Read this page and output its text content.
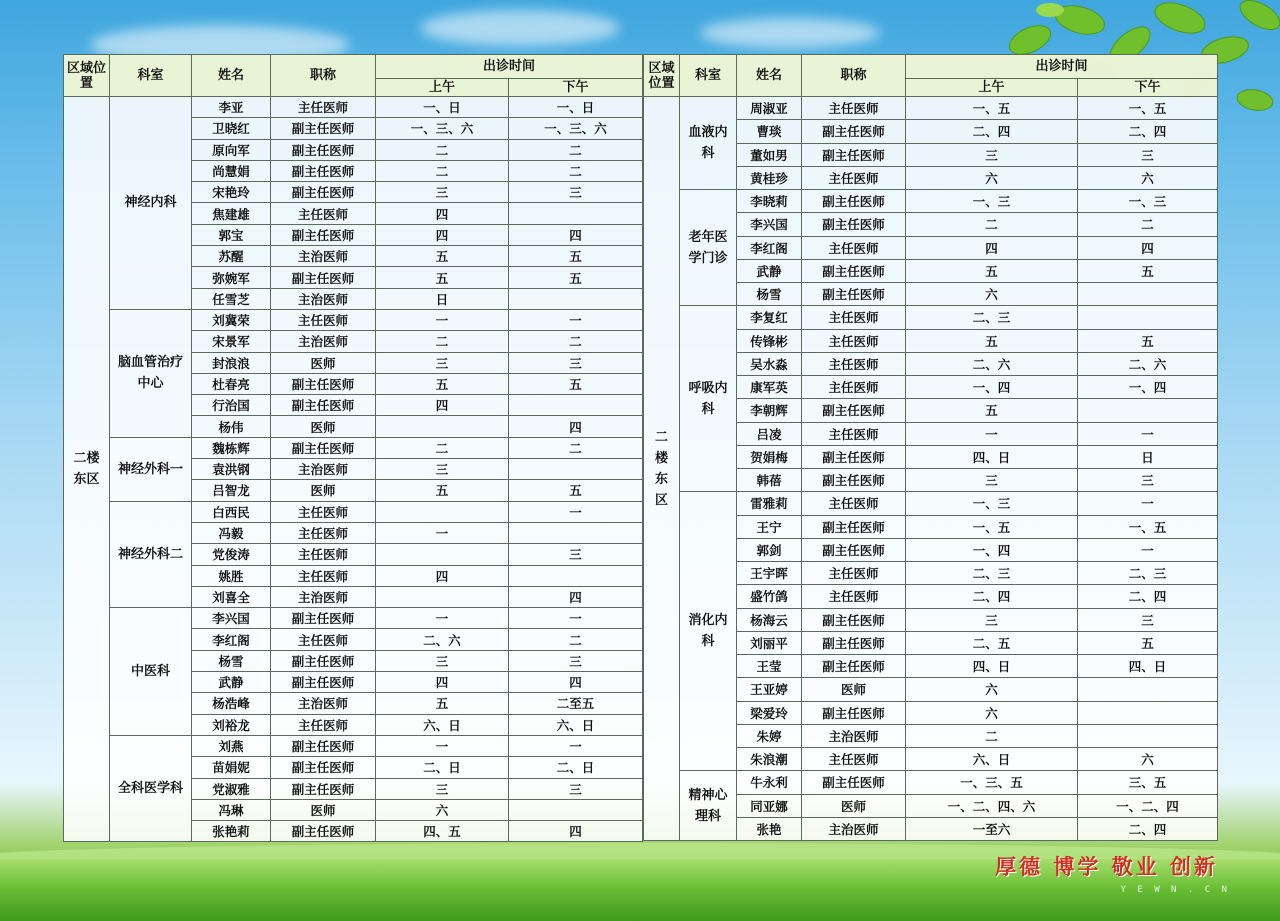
厚德 博学 敬业 创新
Y E W N . C N
区域位置	科室	姓名	职称	出诊时间	
				上午	下午
二楼东区	神经内科	李亚	主任医师	一、日	一、日
		卫晓红	副主任医师	一、三、六	一、三、六
		原向军	副主任医师	二	二
		尚慧娟	副主任医师	二	二
		宋艳玲	副主任医师	三	三
		焦建雄	主任医师	四	
		郭宝	副主任医师	四	四
		苏醒	主治医师	五	五
		弥婉军	副主任医师	五	五
		任雪芝	主治医师	日	
	脑血管治疗中心	刘冀荣	主任医师	一	一
		宋景军	主治医师	二	二
		封浪浪	医师	三	三
		杜春亮	副主任医师	五	五
		行治国	副主任医师	四	
		杨伟	医师		四
	神经外科一	魏栋辉	副主任医师	二	二
		袁洪钢	主治医师	三	
		吕智龙	医师	五	五
	神经外科二	白西民	主任医师		一
		冯毅	主任医师	一	
		党俊涛	主任医师		三
		姚胜	主任医师	四	
		刘喜全	主治医师		四
	中医科	李兴国	副主任医师	一	一
		李红阁	主任医师	二、六	二
		杨雪	副主任医师	三	三
		武静	副主任医师	四	四
		杨浩峰	主治医师	五	二至五
		刘裕龙	主任医师	六、日	六、日
	全科医学科	刘燕	副主任医师	一	一
		苗娟妮	副主任医师	二、日	二、日
		党淑雅	副主任医师	三	三
		冯琳	医师	六	
		张艳莉	副主任医师	四、五	四
区域位置	科室	姓名	职称	出诊时间	
				上午	下午
二楼东区	血液内科	周淑亚	主任医师	一、五	一、五
		曹琰	副主任医师	二、四	二、四
		董如男	副主任医师	三	三
		黄桂珍	主任医师	六	六
	老年医学门诊	李晓莉	副主任医师	一、三	一、三
		李兴国	副主任医师	二	二
		李红阁	主任医师	四	四
		武静	副主任医师	五	五
		杨雪	副主任医师	六	
	呼吸内科	李复红	主任医师	二、三	
		传锋彬	主任医师	五	五
		吴水淼	主任医师	二、六	二、六
		康军英	主任医师	一、四	一、四
		李朝辉	副主任医师	五	
		吕凌	主任医师	一	一
		贺娟梅	副主任医师	四、日	日
		韩蓓	副主任医师	三	三
	消化内科	雷雅莉	主任医师	一、三	一
		王宁	副主任医师	一、五	一、五
		郭剑	副主任医师	一、四	一
		王宇晖	主任医师	二、三	二、三
		盛竹鸽	主任医师	二、四	二、四
		杨海云	副主任医师	三	三
		刘丽平	副主任医师	二、五	五
		王莹	副主任医师	四、日	四、日
		王亚婷	医师	六	
		梁爱玲	副主任医师	六	
		朱婷	主治医师	二	
		朱浪潮	主任医师	六、日	六
	精神心理科	牛永利	副主任医师	一、三、五	三、五
		同亚娜	医师	一、二、四、六	一、二、四
		张艳	主治医师	一至六	二、四
